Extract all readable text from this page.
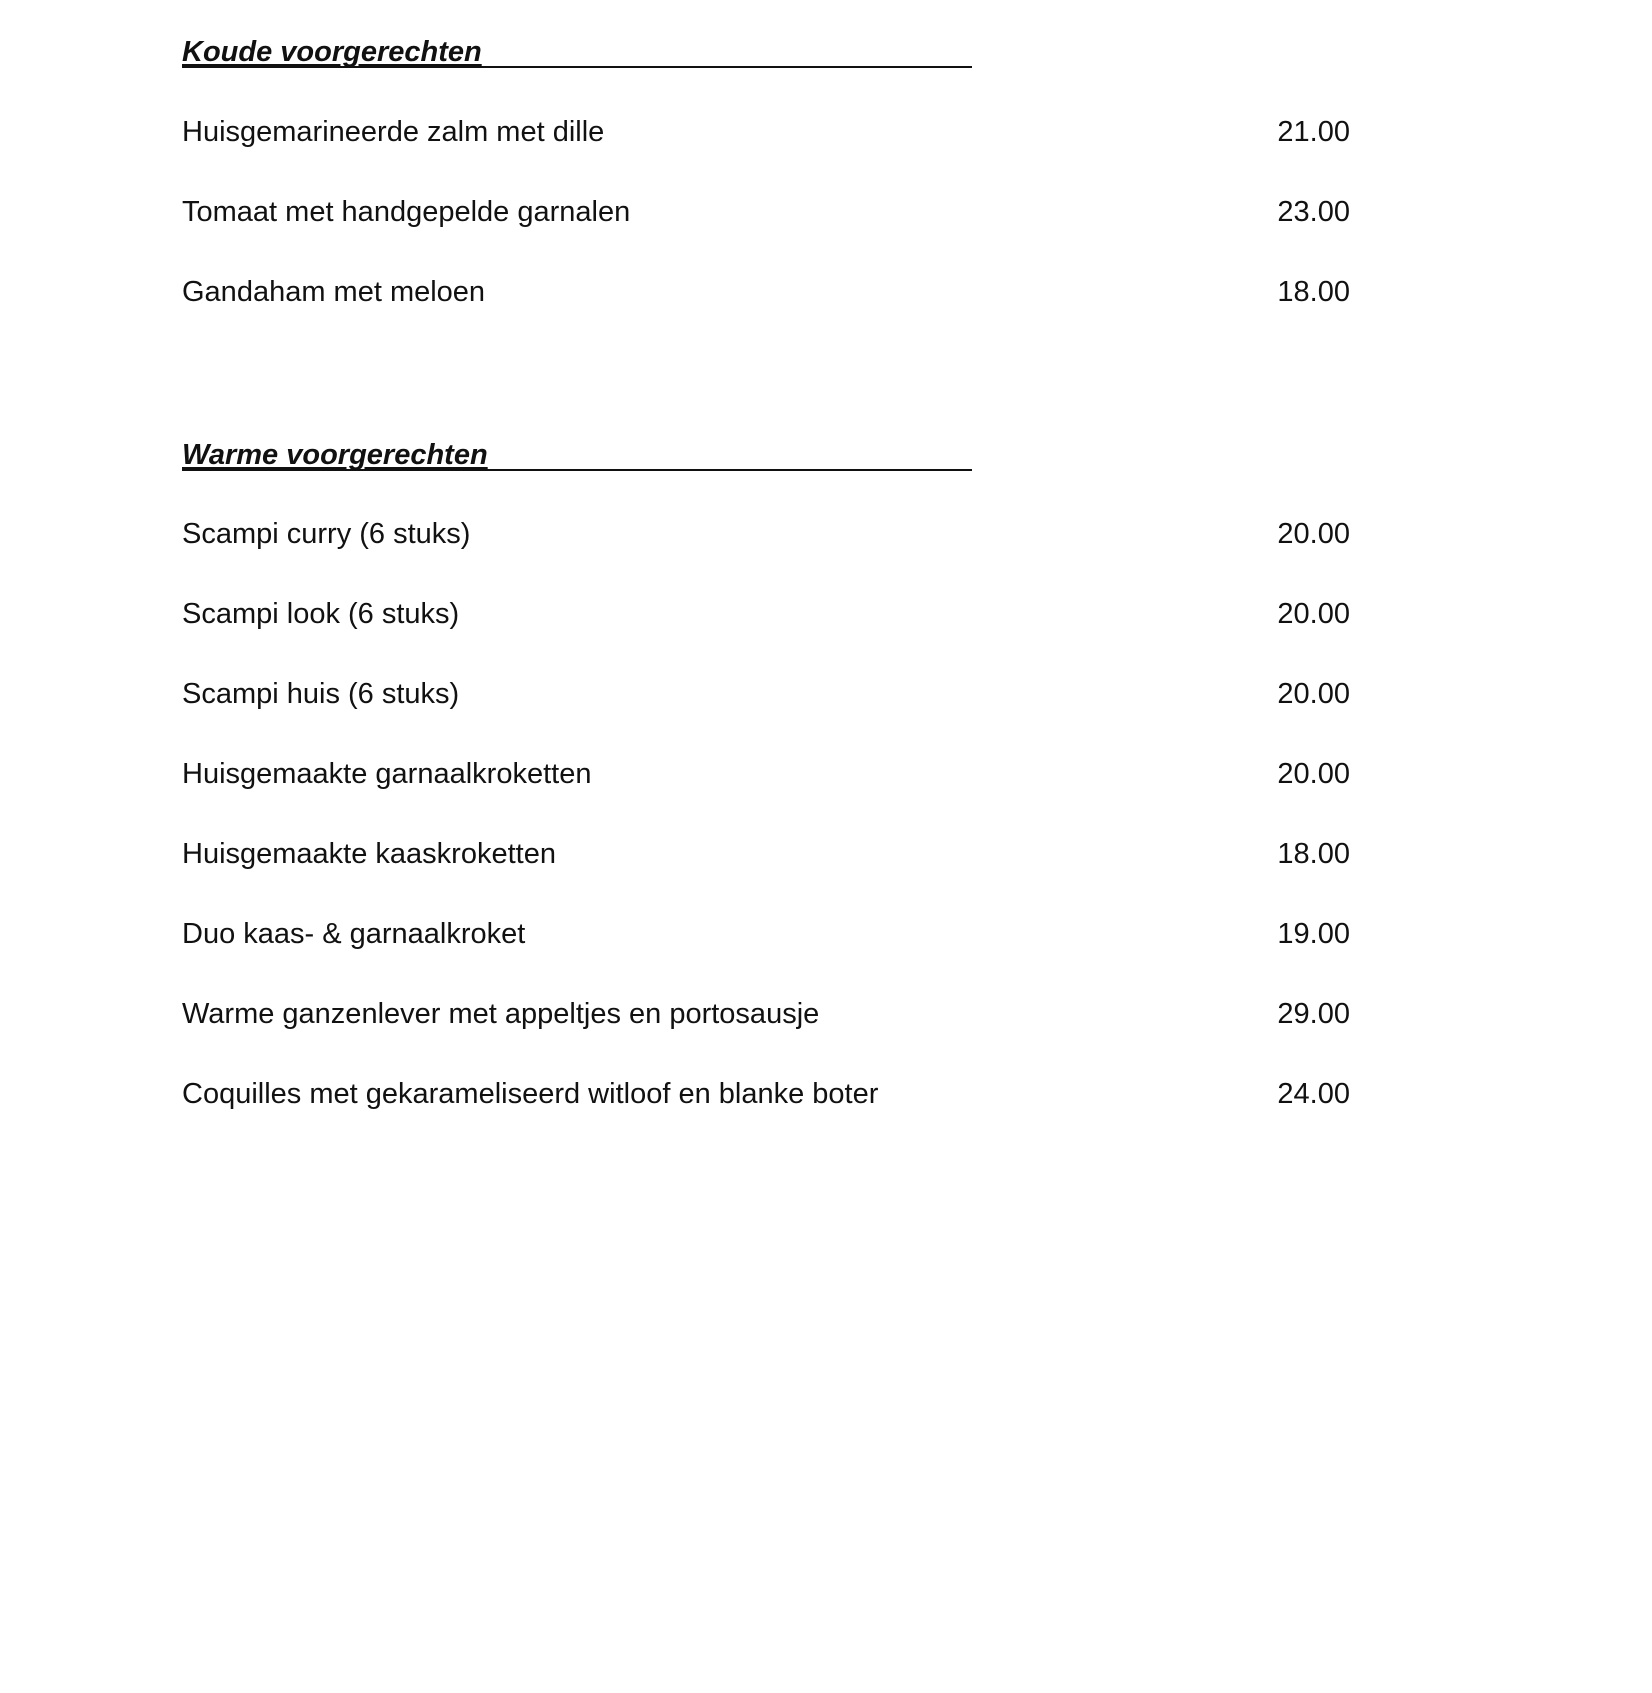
Koude voorgerechten
Huisgemarineerde zalm met dille	21.00
Tomaat met handgepelde garnalen	23.00
Gandaham met meloen	18.00
Warme voorgerechten
Scampi curry (6 stuks)	20.00
Scampi look (6 stuks)	20.00
Scampi huis (6 stuks)	20.00
Huisgemaakte garnaalkroketten	20.00
Huisgemaakte kaaskroketten	18.00
Duo kaas- & garnaalkroket	19.00
Warme ganzenlever met appeltjes en portosausje	29.00
Coquilles met gekarameliseerd witloof en blanke boter	24.00
